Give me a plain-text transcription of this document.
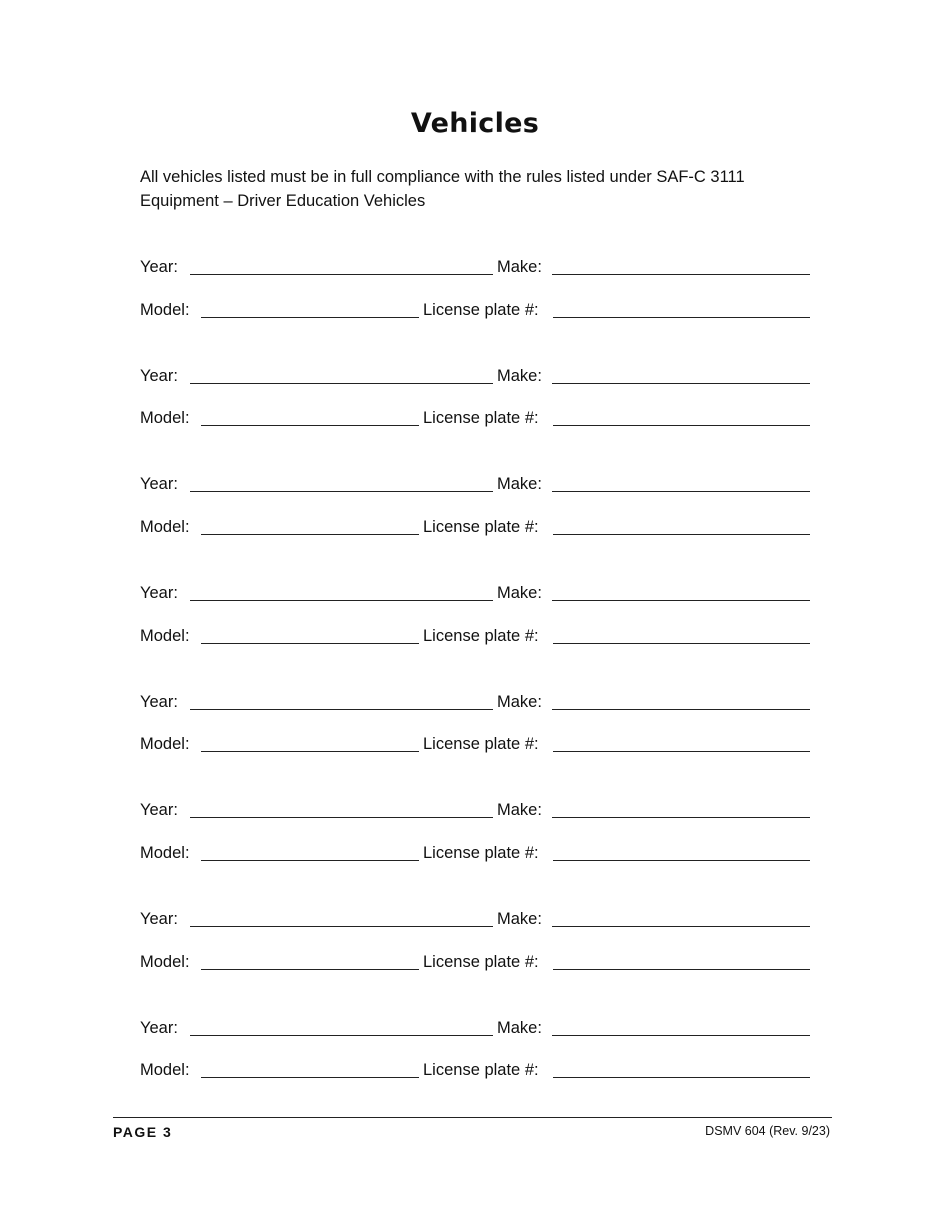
Vehicles
All vehicles listed must be in full compliance with the rules listed under SAF-C 3111 Equipment – Driver Education Vehicles
Year:	Make:
Model:	License plate #:
Year:	Make:
Model:	License plate #:
Year:	Make:
Model:	License plate #:
Year:	Make:
Model:	License plate #:
Year:	Make:
Model:	License plate #:
Year:	Make:
Model:	License plate #:
Year:	Make:
Model:	License plate #:
Year:	Make:
Model:	License plate #:
PAGE 3	DSMV 604 (Rev. 9/23)
